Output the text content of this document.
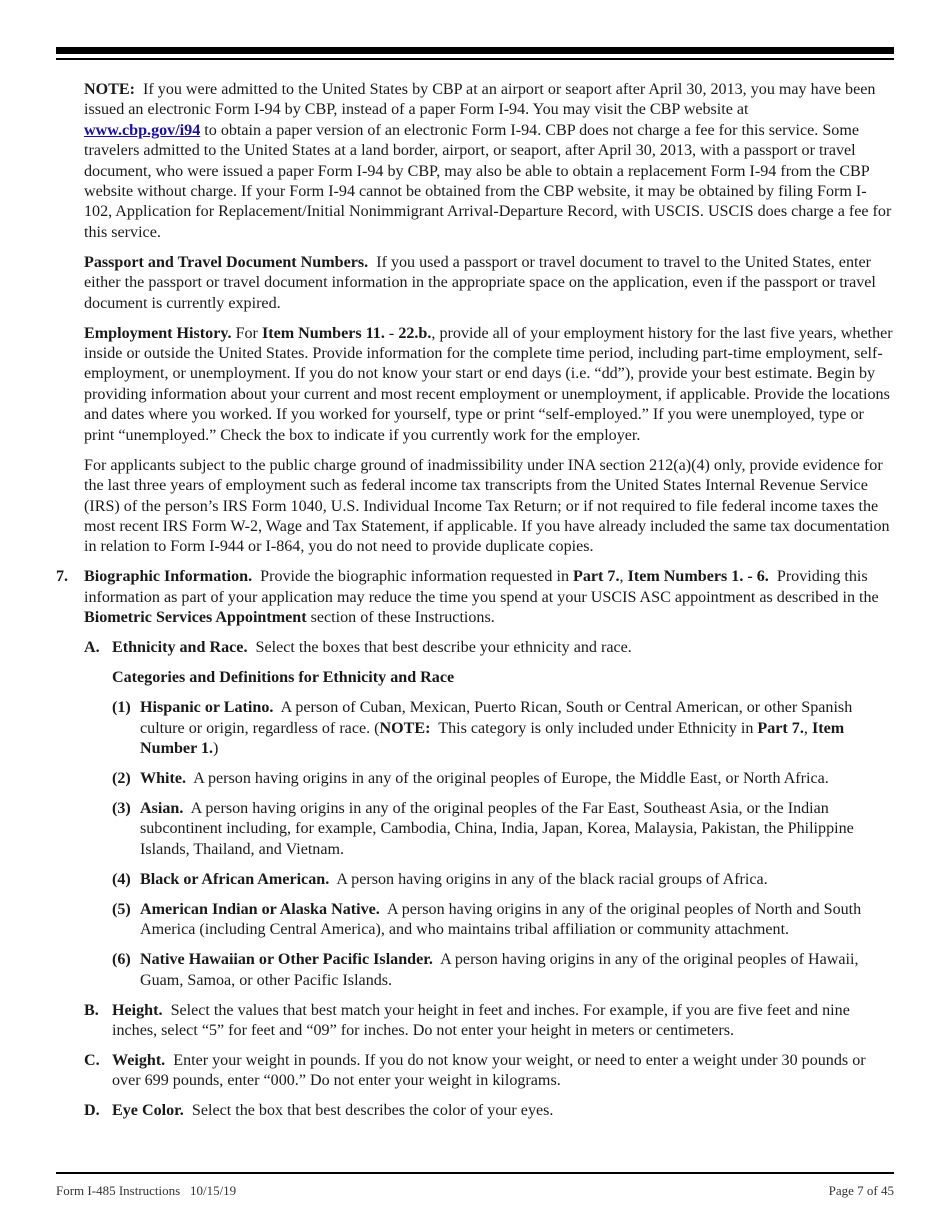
NOTE: If you were admitted to the United States by CBP at an airport or seaport after April 30, 2013, you may have been issued an electronic Form I-94 by CBP, instead of a paper Form I-94. You may visit the CBP website at
www.cbp.gov/i94 to obtain a paper version of an electronic Form I-94. CBP does not charge a fee for this service. Some travelers admitted to the United States at a land border, airport, or seaport, after April 30, 2013, with a passport or travel document, who were issued a paper Form I-94 by CBP, may also be able to obtain a replacement Form I-94 from the CBP website without charge. If your Form I-94 cannot be obtained from the CBP website, it may be obtained by filing Form I-102, Application for Replacement/Initial Nonimmigrant Arrival-Departure Record, with USCIS. USCIS does charge a fee for this service.

Passport and Travel Document Numbers. If you used a passport or travel document to travel to the United States, enter either the passport or travel document information in the appropriate space on the application, even if the passport or travel document is currently expired.

Employment History. For Item Numbers 11. - 22.b., provide all of your employment history for the last five years, whether inside or outside the United States. Provide information for the complete time period, including part-time employment, self-employment, or unemployment. If you do not know your start or end days (i.e. “dd”), provide your best estimate. Begin by providing information about your current and most recent employment or unemployment, if applicable. Provide the locations and dates where you worked. If you worked for yourself, type or print “self-employed.” If you were unemployed, type or print “unemployed.” Check the box to indicate if you currently work for the employer.

For applicants subject to the public charge ground of inadmissibility under INA section 212(a)(4) only, provide evidence for the last three years of employment such as federal income tax transcripts from the United States Internal Revenue Service (IRS) of the person’s IRS Form 1040, U.S. Individual Income Tax Return; or if not required to file federal income taxes the most recent IRS Form W-2, Wage and Tax Statement, if applicable. If you have already included the same tax documentation in relation to Form I-944 or I-864, you do not need to provide duplicate copies.

7. Biographic Information. Provide the biographic information requested in Part 7., Item Numbers 1. - 6. Providing this information as part of your application may reduce the time you spend at your USCIS ASC appointment as described in the Biometric Services Appointment section of these Instructions.
A. Ethnicity and Race. Select the boxes that best describe your ethnicity and race.
Categories and Definitions for Ethnicity and Race
(1) Hispanic or Latino. A person of Cuban, Mexican, Puerto Rican, South or Central American, or other Spanish culture or origin, regardless of race. (NOTE: This category is only included under Ethnicity in Part 7., Item Number 1.)
(2) White. A person having origins in any of the original peoples of Europe, the Middle East, or North Africa.
(3) Asian. A person having origins in any of the original peoples of the Far East, Southeast Asia, or the Indian subcontinent including, for example, Cambodia, China, India, Japan, Korea, Malaysia, Pakistan, the Philippine Islands, Thailand, and Vietnam.
(4) Black or African American. A person having origins in any of the black racial groups of Africa.
(5) American Indian or Alaska Native. A person having origins in any of the original peoples of North and South America (including Central America), and who maintains tribal affiliation or community attachment.
(6) Native Hawaiian or Other Pacific Islander. A person having origins in any of the original peoples of Hawaii, Guam, Samoa, or other Pacific Islands.
B. Height. Select the values that best match your height in feet and inches. For example, if you are five feet and nine inches, select “5” for feet and “09” for inches. Do not enter your height in meters or centimeters.
C. Weight. Enter your weight in pounds. If you do not know your weight, or need to enter a weight under 30 pounds or over 699 pounds, enter “000.” Do not enter your weight in kilograms.
D. Eye Color. Select the box that best describes the color of your eyes.
Form I-485 Instructions   10/15/19	Page 7 of 45
